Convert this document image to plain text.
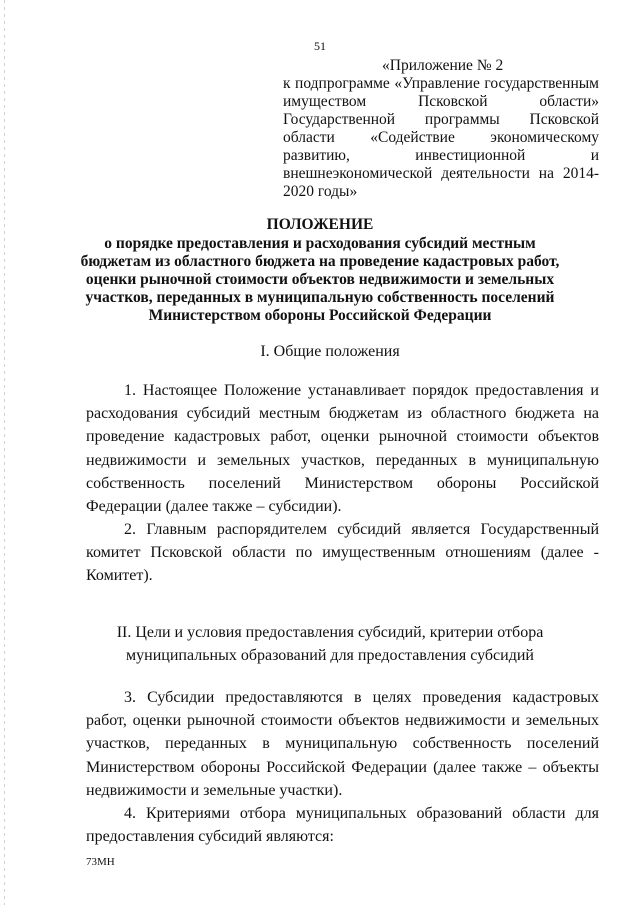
51
«Приложение № 2
к подпрограмме «Управление государственным имуществом Псковской области» Государственной программы Псковской области «Содействие экономическому развитию, инвестиционной и внешнеэкономической деятельности на 2014-
2020 годы»
ПОЛОЖЕНИЕ
о порядке предоставления и расходования субсидий местным бюджетам из областного бюджета на проведение кадастровых работ, оценки рыночной стоимости объектов недвижимости и земельных участков, переданных в муниципальную собственность поселений Министерством обороны Российской Федерации
I. Общие положения
1. Настоящее Положение устанавливает порядок предоставления и расходования субсидий местным бюджетам из областного бюджета на проведение кадастровых работ, оценки рыночной стоимости объектов недвижимости и земельных участков, переданных в муниципальную собственность поселений Министерством обороны Российской Федерации (далее также – субсидии).
2. Главным распорядителем субсидий является Государственный комитет Псковской области по имущественным отношениям (далее - Комитет).
II. Цели и условия предоставления субсидий, критерии отбора муниципальных образований для предоставления субсидий
3. Субсидии предоставляются в целях проведения кадастровых работ, оценки рыночной стоимости объектов недвижимости и земельных участков, переданных в муниципальную собственность поселений Министерством обороны Российской Федерации (далее также – объекты недвижимости и земельные участки).
4. Критериями отбора муниципальных образований области для предоставления субсидий являются:
73МН
